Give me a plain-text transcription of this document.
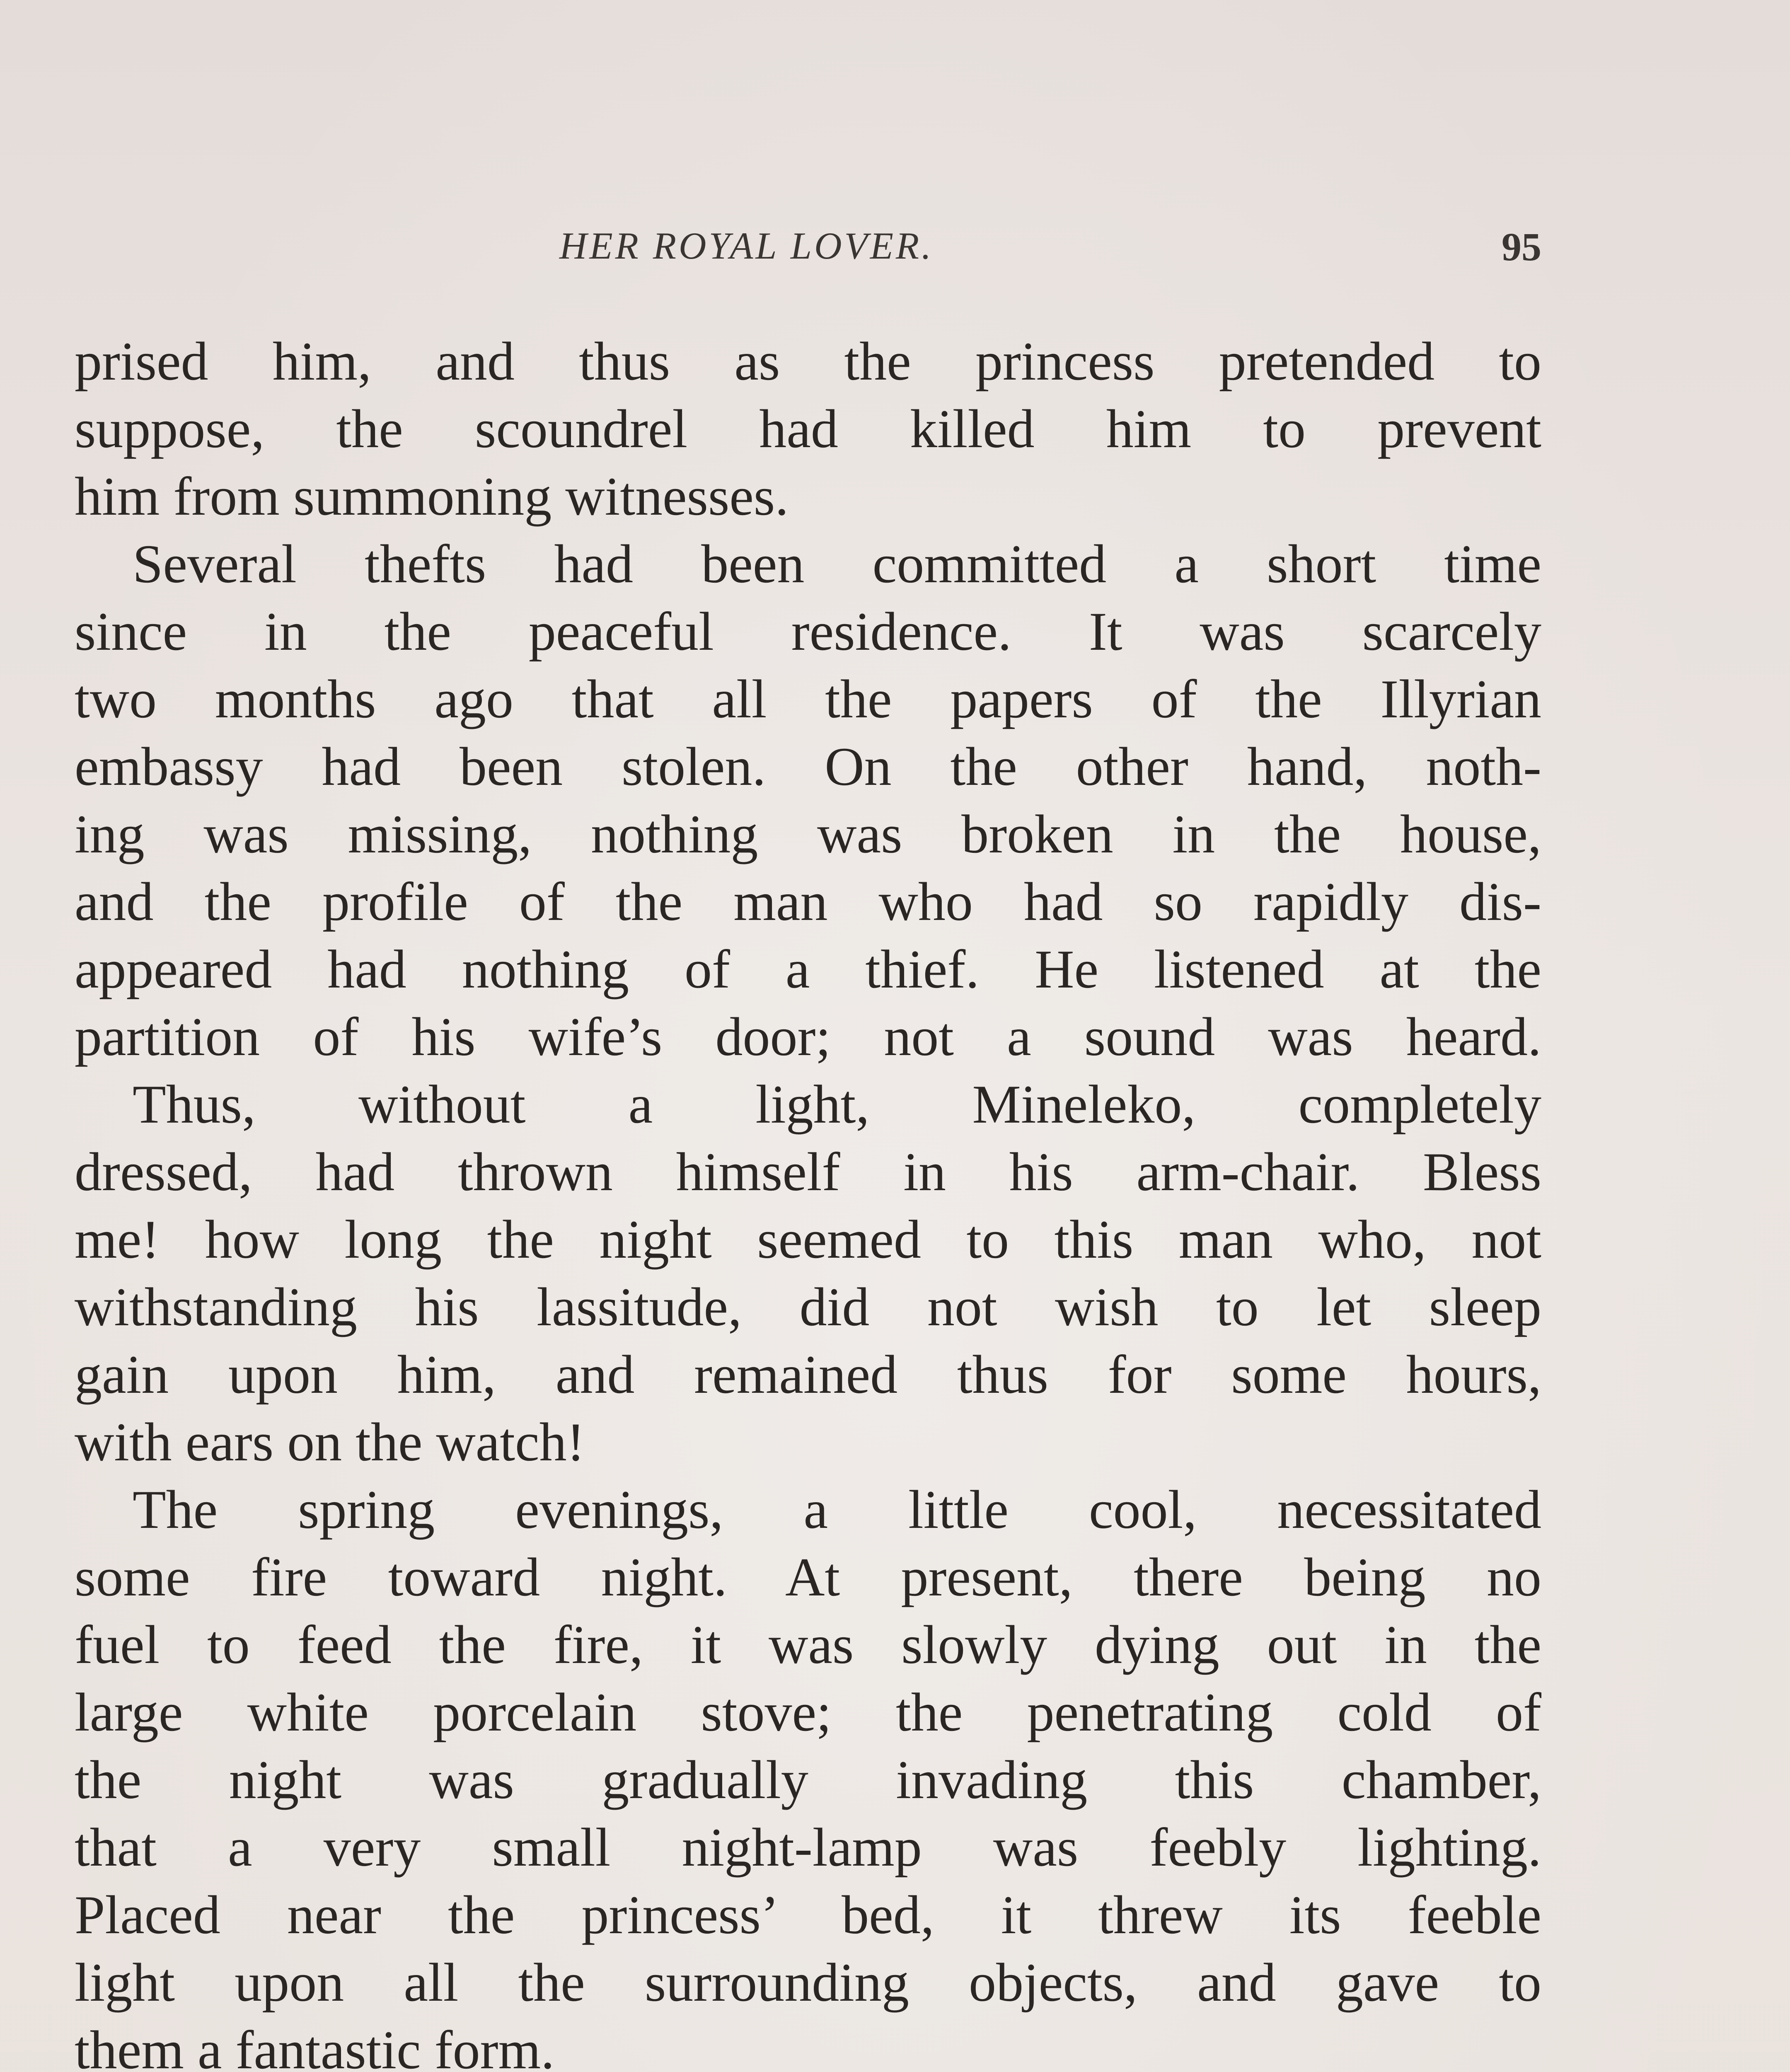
HER ROYAL LOVER.	95

prised him, and thus as the princess pretended to
suppose, the scoundrel had killed him to prevent
him from summoning witnesses.

Several thefts had been committed a short time
since in the peaceful residence. It was scarcely
two months ago that all the papers of the Illyrian
embassy had been stolen. On the other hand, noth-
ing was missing, nothing was broken in the house,
and the profile of the man who had so rapidly dis-
appeared had nothing of a thief. He listened at the
partition of his wife’s door; not a sound was heard.

Thus, without a light, Mineleko, completely
dressed, had thrown himself in his arm-chair. Bless
me! how long the night seemed to this man who, not
withstanding his lassitude, did not wish to let sleep
gain upon him, and remained thus for some hours,
with ears on the watch!

The spring evenings, a little cool, necessitated
some fire toward night. At present, there being no
fuel to feed the fire, it was slowly dying out in the
large white porcelain stove; the penetrating cold of
the night was gradually invading this chamber,
that a very small night-lamp was feebly lighting.
Placed near the princess’ bed, it threw its feeble
light upon all the surrounding objects, and gave to
them a fantastic form.
